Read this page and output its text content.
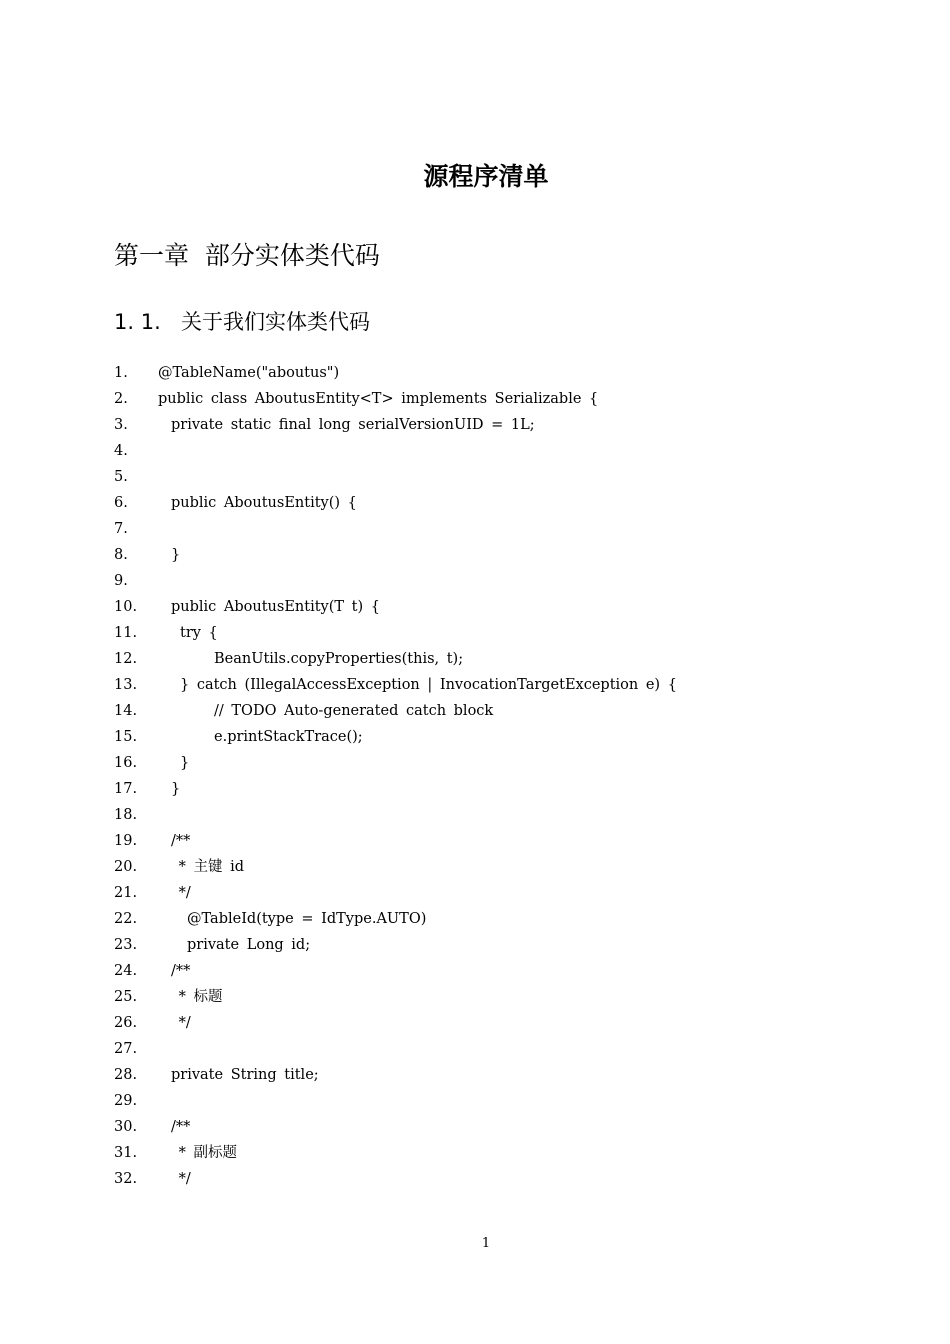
源程序清单
第一章  部分实体类代码
1. 1. 关于我们实体类代码
1.	@TableName("aboutus")
2.	public class AboutusEntity<T> implements Serializable {
3.	private static final long serialVersionUID = 1L;
4.
5.
6.	public AboutusEntity() {
7.
8.	}
9.
10.	public AboutusEntity(T t) {
11.	try {
12.	BeanUtils.copyProperties(this, t);
13.	} catch (IllegalAccessException | InvocationTargetException e) {
14.	// TODO Auto-generated catch block
15.	e.printStackTrace();
16.	}
17.	}
18.
19.	/**
20.	* 主键 id
21.	*/
22.	@TableId(type = IdType.AUTO)
23.	private Long id;
24.	/**
25.	* 标题
26.	*/
27.
28.	private String title;
29.
30.	/**
31.	* 副标题
32.	*/
1
